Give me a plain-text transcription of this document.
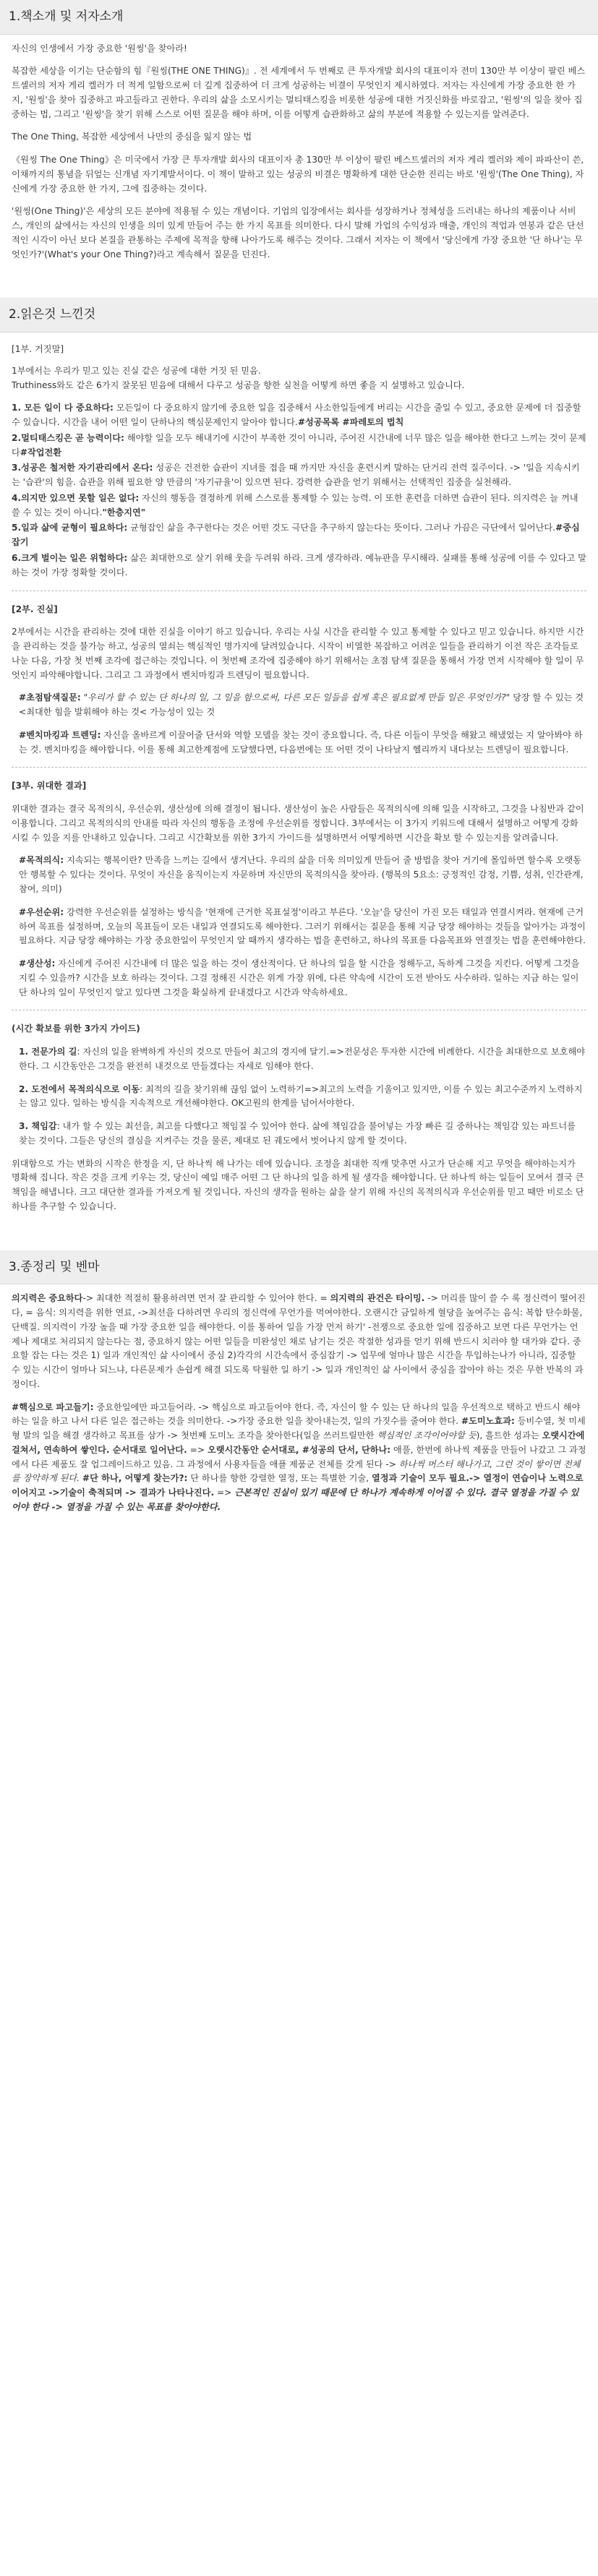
1.책소개 및 저자소개

자신의 인생에서 가장 중요한 '원씽'을 찾아라!

복잡한 세상을 이기는 단순함의 힘『원씽(THE ONE THING)』. 전 세계에서 두 번째로 큰 투자개발 회사의 대표이자 전미 130만 부 이상이 팔린 베스트셀러의 저자 게리 켈러가 더 적게 일함으로써 더 깊게 집중하여 더 크게 성공하는 비결이 무엇인지 제시하였다. 저자는 자신에게 가장 중요한 한 가지, '원씽'을 찾아 집중하고 파고들라고 권한다. 우리의 삶을 소모시키는 멀티태스킹을 비롯한 성공에 대한 거짓신화를 바로잡고, '원씽'의 일을 찾아 집중하는 법, 그리고 '원씽'을 찾기 위해 스스로 어떤 질문을 해야 하며, 이를 어떻게 습관화하고 삶의 부분에 적용할 수 있는지를 알려준다.

The One Thing, 복잡한 세상에서 나만의 중심을 잃지 않는 법

《원씽 The One Thing》은 미국에서 가장 큰 투자개발 회사의 대표이자 총 130만 부 이상이 팔린 베스트셀러의 저자 게리 켈러와 제이 파파산이 쓴, 이채까지의 통념을 뒤엎는 신개념 자기계발서이다. 이 책이 말하고 있는 성공의 비결은 명확하게 대한 단순한 진리는 바로 '원씽'(The One Thing), 자신에게 가장 중요한 한 가지, 그에 집중하는 것이다.

'원씽(One Thing)'은 세상의 모든 분야에 적용될 수 있는 개념이다. 기업의 입장에서는 회사를 성장하거나 정체성을 드러내는 하나의 제품이나 서비스, 개인의 삶에서는 자신의 인생을 의미 있게 만들어 주는 한 가지 목표를 의미한다. 다시 말해 가업의 수익성과 매출, 개인의 적업과 연봉과 같은 단선적인 시각이 아닌 보다 본질을 관통하는 주제에 목적을 향해 나아가도록 해주는 것이다. 그래서 저자는 이 책에서 '당신에게 가장 중요한 '단 하나'는 무엇인가?'(What's your One Thing?)라고 계속해서 질문을 던진다.

2.읽은것 느낀것
[1부. 거짓말]

1부에서는 우리가 믿고 있는 진실 같은 성공에 대한 거짓 된 믿음.
Truthiness와도 같은 6가지 잘못된 믿음에 대해서 다루고 성공을 향한 실천을 어떻게 하면 좋을 지 설명하고 있습니다.

1. 모든 일이 다 중요하다: 모든일이 다 중요하지 않기에 중요한 일을 집중해서 사소한일들에게 버리는 시간을 줄일 수 있고, 중요한 문제에 더 집중할 수 있습니다. 시간을 내어 어떤 일이 단하나의 핵심문제인지 알아야 합니다.#성공목록 #파레토의 법칙
2.멀티태스킹은 곧 능력이다: 해야할 일을 모두 해내기에 시간이 부족한 것이 아니라, 주어진 시간내에 너무 많은 일을 해야한 한다고 느끼는 것이 문제다#작업전환
3.성공은 철저한 자기관리에서 온다: 성공은 건전한 습관이 지녀를 접을 때 까지만 자신을 훈련시켜 말하는 단거리 전력 질주이다. -> '일을 지속시키는 '습관'의 힘을. 습관을 위해 필요한 양 만큼의 '자기규율'이 있으면 된다. 강력한 습관을 얻기 위해서는 선택적인 집중을 실천해라.
4.의지만 있으면 못할 일은 없다: 자신의 행동을 결정하게 위해 스스로를 통제할 수 있는 능력. 이 또한 훈련을 더하면 습관이 된다. 의지력은 늘 꺼내 쓸 수 있는 것이 아니다."한층지연"
5.일과 삶에 균형이 필요하다: 균형잡인 삶을 추구한다는 것은 어떤 것도 극단을 추구하지 않는다는 뜻이다. 그러나 가끔은 극단에서 일어난다.#중심잡기
6.크게 벌이는 일은 위험하다: 삶은 최대한으로 살기 위해 웃을 두려워 하라. 크게 생각하라. 예뉴판을 무시해라. 실패를 통해 성공에 이를 수 있다고 말하는 것이 가장 정확할 것이다.
[2부. 진실]

2부에서는 시간을 관리하는 것에 대한 진실을 이야기 하고 있습니다. 우리는 사실 시간을 관리할 수 있고 통제할 수 있다고 믿고 있습니다. 하지만 시간을 관리하는 것을 불가능 하고, 성공의 열쇠는 핵심적인 명가지에 달려있습니다. 시작이 비열한 복잡하고 어려운 일들을 관리하기 이전 작은 조각들로 나눈 다음, 가장 첫 번째 조각에 접근하는 것입니다. 이 첫번째 조각에 집중해야 하기 위해서는 초점 탐색 질문을 통해서 가장 먼저 시작해야 할 일이 무엇인지 파악해야합니다. 그리고 그 과정에서 벤치마킹과 트렌딩이 필요합니다.

#초점탐색질문: "우리가 할 수 있는 단 하나의 일, 그 일을 함으로써, 다른 모든 일들을 쉽게 혹은 필요없게 만들 일은 무엇인가?" 당장 할 수 있는 것<최대한 힘을 발휘해야 하는 것< 가능성이 있는 것

#벤치마킹과 트렌딩: 자신을 올바르게 이끌어줄 단서와 역할 모델을 찾는 것이 중요합니다. 즉, 다른 이들이 무엇을 해왔고 해냈었는 지 알아봐야 하는 것. 벤치마킹을 해야합니다. 이를 통해 최고한계점에 도달했다면, 다음번에는 또 어떤 것이 나타날지 헬리까지 내다보는 트렌딩이 필요합니다.

[3부. 위대한 결과]

위대한 결과는 결국 목적의식, 우선순위, 생산성에 의해 결정이 됩니다. 생산성이 높은 사람들은 목적의식에 의해 일을 시작하고, 그것을 나침반과 같이 이용합니다. 그리고 목적의식의 안내를 따라 자신의 행동을 조정에 우선순위를 정합니다. 3부에서는 이 3가지 키워드에 대해서 설명하고 어떻게 강화시킬 수 있을 지를 안내하고 있습니다. 그리고 시간확보를 위한 3가지 가이드를 설명하면서 어떻게하면 시간을 확보 할 수 있는지를 알려줍니다.

#목적의식: 지속되는 행복이란? 만족을 느끼는 길에서 생겨난다. 우리의 삶을 더욱 의미있게 만들어 줄 방법을 찾아 거기에 몰입하면 할수록 오랫동안 행복할 수 있다는 것이다. 무엇이 자신을 움직이는지 자문하며 자신만의 목적의식을 찾아라. (행복의 5요소: 긍정적인 감정, 기쁨, 성취, 인간관계, 참여, 의미)

#우선순위: 강력한 우선순위를 설정하는 방식을 '현재에 근거한 목표설정'이라고 부른다. '오늘'을 당신이 가진 모든 태일과 연결시켜라. 현재에 근거하여 목표를 설정하며, 오늘의 목표들이 모든 내일과 연결되도록 해야한다. 그러기 위해서는 질문을 통해 지금 당장 해야하는 것들을 알아가는 과정이 필요하다. 지금 당장 해야하는 가장 중요한일이 무엇인지 알 때까지 생각하는 법을 훈련하고, 하나의 목표를 다음목표와 연결짓는 법을 훈련해야한다.

#생산성: 자신에게 주어진 시간내에 더 많은 일을 하는 것이 생산적이다. 단 하나의 일을 할 시간을 정해두고, 독하게 그것을 지킨다. 어떻게 그것을 지킬 수 있을까? 시간을 보호 하라는 것이다. 그걸 정해진 시간은 위게 가장 위에, 다른 약속에 시간이 도전 받아도 사수하라. 일하는 지금 하는 일이 단 하나의 일이 무엇인지 알고 있다면 그것을 확실하게 끝내겠다고 시간과 약속하세요.

(시간 확보를 위한 3가지 가이드)

1. 전문가의 길: 자신의 일을 완벽하게 자신의 것으로 만들어 최고의 경지에 달기.=>전문성은 투자한 시간에 비례한다. 시간을 최대한으로 보호해야한다. 그 시간동안은 그것을 완전히 내것으로 만들겠다는 자세로 임해야 한다.

2. 도전에서 목적의식으로 이동: 최적의 길을 찾기위해 끊임 없이 노력하기=>최고의 노력을 기울이고 있지만, 이를 수 있는 최고수준까지 노력하지는 않고 있다. 일하는 방식을 지속적으로 개선해야한다. OK고원의 한계를 넘어서야한다.

3. 책임감: 내가 할 수 있는 최선을, 최고를 다했다고 책임질 수 있어야 한다. 삶에 책임감을 불어넣는 가장 빠른 길 중하나는 책임감 있는 파트너를 찾는 것이다. 그들은 당신의 결심을 지켜주는 것을 물론, 제대로 된 궤도에서 벗어나지 않게 할 것이다.

위대함으로 가는 변화의 시작은 한정을 지, 단 하나씩 해 나가는 데에 있습니다. 조정을 최대한 직캐 맞추면 사고가 단순해 지고 무엇을 해야하는지가 명확해 집니다. 작은 것을 크게 키우는 것, 당신이 예일 매주 어떤 그 단 하나의 일을 하게 될 생각을 해야합니다. 단 하나씩 하는 일들이 모여서 결국 큰 책임을 해냅니다. 크고 대단한 결과를 가져오게 될 것입니다. 자신의 생각을 원하는 삶을 살기 위해 자신의 목적의식과 우선순위를 믿고 때만 비로소 단 하나를 추구할 수 있습니다.

3.종정리 및 벤마

의지력은 중요하다-> 최대한 적절히 활용하려면 먼저 잘 관리할 수 있어야 한다. = 의지력의 관건은 타이밍. -> 머리를 많이 쓸 수 록 정신력이 떨어진다, = 음식: 의지력을 위한 연료, ->최선을 다하려면 우리의 정신력에 무언가를 먹여야한다. 오랜시간 금일하게 혈당을 높여주는 음식: 복합 탄수화물, 단백질. 의지력이 가장 높을 때 가장 중요한 일을 해야한다. 이를 통하여 일을 가장 먼저 하기' -전쟁으로 중요한 일에 집중하고 보면 다른 무언가는 언제나 제대로 처리되지 않는다는 점, 중요하지 않는 어떤 일들을 미완성인 채로 남기는 것은 작절한 성과를 얻기 위해 반드시 치러야 할 대가와 같다. 중요할 잡는 다는 것은 1) 일과 개인적인 삶 사이에서 중심 2)각각의 시간속에서 중심잡기 -> 업무에 얼마나 많은 시간을 투입하는나가 아니라, 집중할 수 있는 시간이 얼마나 되느냐, 다른문제가 손쉽게 해결 되도록 탁월한 일 하기 -> 일과 개인적인 삶 사이에서 중심을 잡아야 하는 것은 무한 반복의 과정이다.

#핵심으로 파고들기: 중요한일에만 파고들어라. -> 핵심으로 파고들어야 한다. 즉, 자신이 할 수 있는 단 하나의 일을 우선적으로 택하고 반드시 해야하는 일을 하고 나서 다른 일은 접근하는 것을 의미한다. ->가장 중요한 일을 찾아내는것, 일의 가짓수를 줄여야 한다. #도미노효과: 등비수열, 첫 미세 형 발의 일을 해결 생각하고 목표를 삼가 -> 첫번째 도미노 조각을 찾아한다(일을 쓰러트릴만한 핵심적인 조각이어야할 듯), 흘트한 성과는 오랫시간에 걸쳐서, 연속하여 쌓인다. 순서대로 일어난다. => 오랫시간동안 순서대로, #성공의 단서, 단하나: 애풀, 한번에 하나씩 제품을 만들어 나갔고 그 과정에서 다른 제품도 잘 업그레이드하고 있음. 그 과정에서 사용자들을 애플 제품군 전체를 갖게 된다 -> 하나씩 머스터 해나가고, 그런 것이 쌓이면 전체를 장악하게 된다. #단 하나, 어떻게 찾는가?: 단 하나를 향한 강렬한 열정, 또는 특별한 기술, 열정과 기술이 모두 필요.-> 열정이 연습이나 노력으로 이어지고 ->기술이 축적되며 -> 결과가 나타나진다. => 근본적인 진실이 있기 때문에 단 하나가 계속하게 이어질 수 있다. 결국 열정을 가질 수 있어야 한다 -> 열정을 가질 수 있는 목표를 찾아야한다.
